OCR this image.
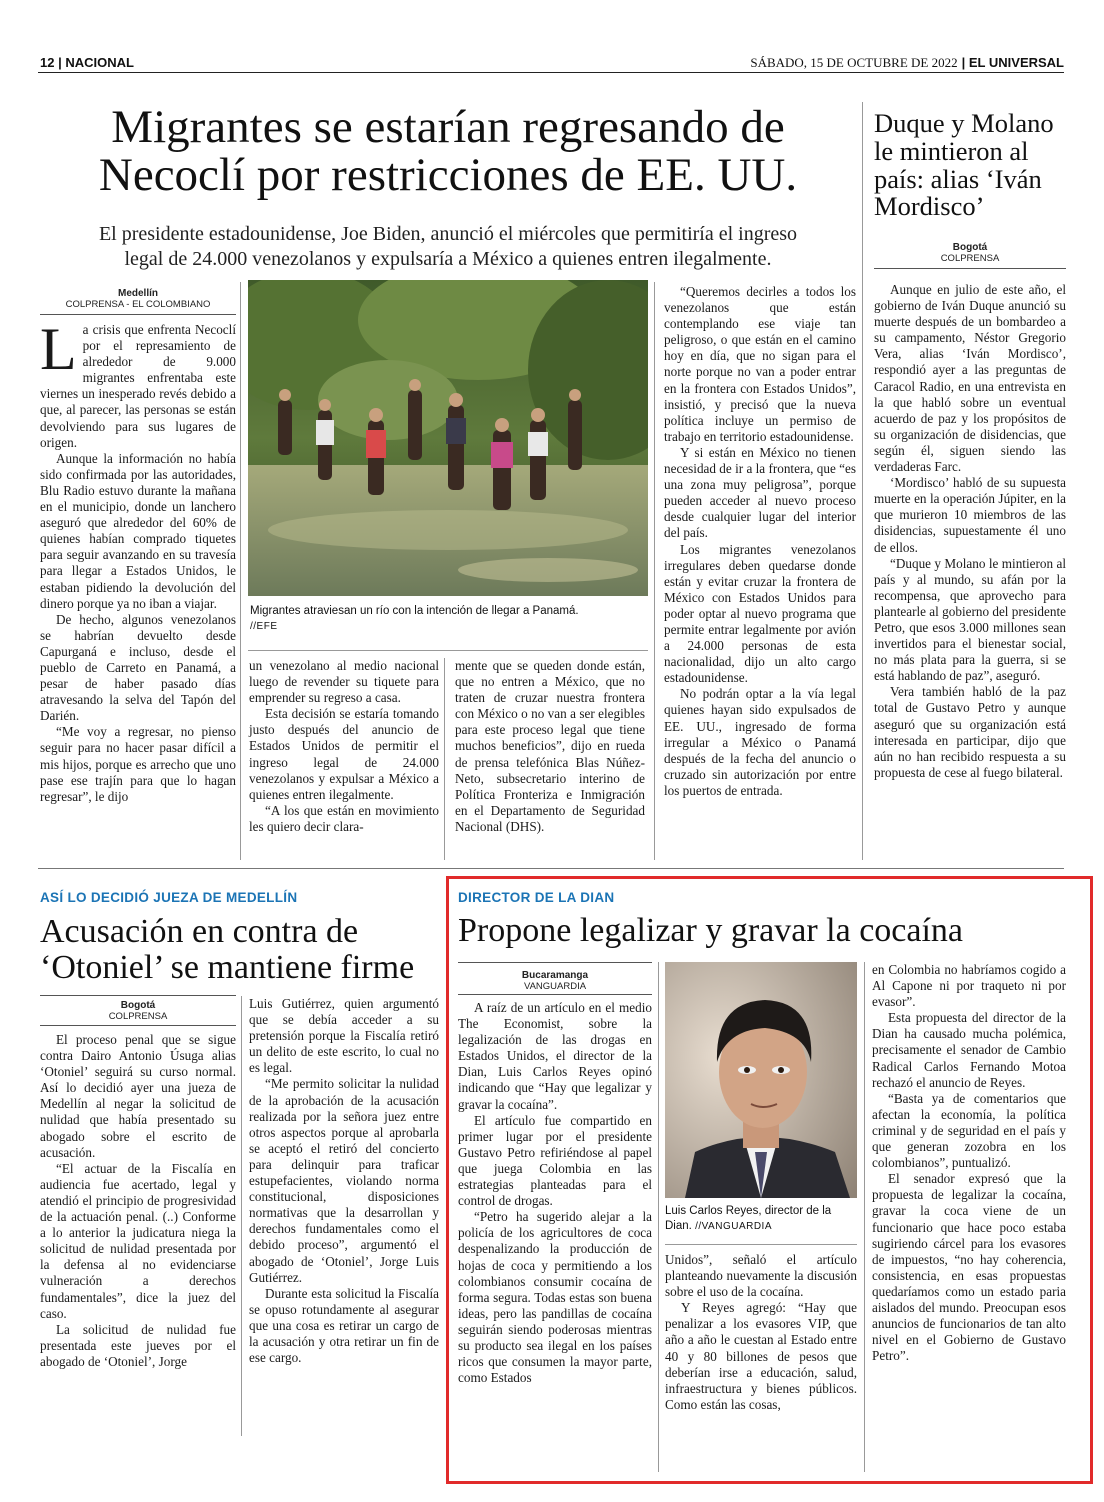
12 | NACIONAL	SÁBADO, 15 DE OCTUBRE DE 2022 | EL UNIVERSAL
Migrantes se estarían regresando de Necoclí por restricciones de EE. UU.
El presidente estadounidense, Joe Biden, anunció el miércoles que permitiría el ingreso legal de 24.000 venezolanos y expulsaría a México a quienes entren ilegalmente.
Duque y Molano le mintieron al país: alias ‘Iván Mordisco’
Bogotá
COLPRENSA

Aunque en julio de este año, el gobierno de Iván Duque anunció su muerte después de un bombardeo a su campamento, Néstor Gregorio Vera, alias ‘Iván Mordisco’, respondió ayer a las preguntas de Caracol Radio, en una entrevista en la que habló sobre un eventual acuerdo de paz y los propósitos de su organización de disidencias, que según él, siguen siendo las verdaderas Farc.

‘Mordisco’ habló de su supuesta muerte en la operación Júpiter, en la que murieron 10 miembros de las disidencias, supuestamente él uno de ellos.

“Duque y Molano le mintieron al país y al mundo, su afán por la recompensa, que aprovecho para plantearle al gobierno del presidente Petro, que esos 3.000 millones sean invertidos para el bienestar social, no más plata para la guerra, si se está hablando de paz”, aseguró.

Vera también habló de la paz total de Gustavo Petro y aunque aseguró que su organización está interesada en participar, dijo que aún no han recibido respuesta a su propuesta de cese al fuego bilateral.

Medellín
COLPRENSA - EL COLOMBIANO

La crisis que enfrenta Necoclí por el represamiento de alrededor de 9.000 migrantes enfrentaba este viernes un inesperado revés debido a que, al parecer, las personas se están devolviendo para sus lugares de origen.

Aunque la información no había sido confirmada por las autoridades, Blu Radio estuvo durante la mañana en el municipio, donde un lanchero aseguró que alrededor del 60% de quienes habían comprado tiquetes para seguir avanzando en su travesía para llegar a Estados Unidos, le estaban pidiendo la devolución del dinero porque ya no iban a viajar.

De hecho, algunos venezolanos se habrían devuelto desde Capurganá e incluso, desde el pueblo de Carreto en Panamá, a pesar de haber pasado días atravesando la selva del Tapón del Darién.

“Me voy a regresar, no pienso seguir para no hacer pasar difícil a mis hijos, porque es arrecho que uno pase ese trajín para que lo hagan regresar”, le dijo

Migrantes atraviesan un río con la intención de llegar a Panamá.
//EFE

un venezolano al medio nacional luego de revender su tiquete para emprender su regreso a casa.

Esta decisión se estaría tomando justo después del anuncio de Estados Unidos de permitir el ingreso legal de 24.000 venezolanos y expulsar a México a quienes entren ilegalmente.

“A los que están en movimiento les quiero decir clara-

mente que se queden donde están, que no entren a México, que no traten de cruzar nuestra frontera con México o no van a ser elegibles para este proceso legal que tiene muchos beneficios”, dijo en rueda de prensa telefónica Blas Núñez-Neto, subsecretario interino de Política Fronteriza e Inmigración en el Departamento de Seguridad Nacional (DHS).

“Queremos decirles a todos los venezolanos que están contemplando ese viaje tan peligroso, o que están en el camino hoy en día, que no sigan para el norte porque no van a poder entrar en la frontera con Estados Unidos”, insistió, y precisó que la nueva política incluye un permiso de trabajo en territorio estadounidense.

Y si están en México no tienen necesidad de ir a la frontera, que “es una zona muy peligrosa”, porque pueden acceder al nuevo proceso desde cualquier lugar del interior del país.

Los migrantes venezolanos irregulares deben quedarse donde están y evitar cruzar la frontera de México con Estados Unidos para poder optar al nuevo programa que permite entrar legalmente por avión a 24.000 personas de esta nacionalidad, dijo un alto cargo estadounidense.

No podrán optar a la vía legal quienes hayan sido expulsados de EE. UU., ingresado de forma irregular a México o Panamá después de la fecha del anuncio o cruzado sin autorización por entre los puertos de entrada.

ASÍ LO DECIDIÓ JUEZA DE MEDELLÍN
Acusación en contra de ‘Otoniel’ se mantiene firme
Bogotá
COLPRENSA

El proceso penal que se sigue contra Dairo Antonio Úsuga alias ‘Otoniel’ seguirá su curso normal. Así lo decidió ayer una jueza de Medellín al negar la solicitud de nulidad que había presentado su abogado sobre el escrito de acusación.

“El actuar de la Fiscalía en audiencia fue acertado, legal y atendió el principio de progresividad de la actuación penal. (..) Conforme a lo anterior la judicatura niega la solicitud de nulidad presentada por la defensa al no evidenciarse vulneración a derechos fundamentales”, dice la juez del caso.

La solicitud de nulidad fue presentada este jueves por el abogado de ‘Otoniel’, Jorge

Luis Gutiérrez, quien argumentó que se debía acceder a su pretensión porque la Fiscalía retiró un delito de este escrito, lo cual no es legal.

“Me permito solicitar la nulidad de la aprobación de la acusación realizada por la señora juez entre otros aspectos porque al aprobarla se aceptó el retiró del concierto para delinquir para traficar estupefacientes, violando norma constitucional, disposiciones normativas que la desarrollan y derechos fundamentales como el debido proceso”, argumentó el abogado de ‘Otoniel’, Jorge Luis Gutiérrez.

Durante esta solicitud la Fiscalía se opuso rotundamente al asegurar que una cosa es retirar un cargo de la acusación y otra retirar un fin de ese cargo.

DIRECTOR DE LA DIAN
Propone legalizar y gravar la cocaína
Bucaramanga
VANGUARDIA

A raíz de un artículo en el medio The Economist, sobre la legalización de las drogas en Estados Unidos, el director de la Dian, Luis Carlos Reyes opinó indicando que “Hay que legalizar y gravar la cocaína”.

El artículo fue compartido en primer lugar por el presidente Gustavo Petro refiriéndose al papel que juega Colombia en las estrategias planteadas para el control de drogas.

“Petro ha sugerido alejar a la policía de los agricultores de coca despenalizando la producción de hojas de coca y permitiendo a los colombianos consumir cocaína de forma segura. Todas estas son buena ideas, pero las pandillas de cocaína seguirán siendo poderosas mientras su producto sea ilegal en los países ricos que consumen la mayor parte, como Estados

Luis Carlos Reyes, director de la Dian. //VANGUARDIA

Unidos”, señaló el artículo planteando nuevamente la discusión sobre el uso de la cocaína.

Y Reyes agregó: “Hay que penalizar a los evasores VIP, que año a año le cuestan al Estado entre 40 y 80 billones de pesos que deberían irse a educación, salud, infraestructura y bienes públicos. Como están las cosas,

en Colombia no habríamos cogido a Al Capone ni por traqueto ni por evasor”.

Esta propuesta del director de la Dian ha causado mucha polémica, precisamente el senador de Cambio Radical Carlos Fernando Motoa rechazó el anuncio de Reyes.

“Basta ya de comentarios que afectan la economía, la política criminal y de seguridad en el país y que generan zozobra en los colombianos”, puntualizó.

El senador expresó que la propuesta de legalizar la cocaína, gravar la coca viene de un funcionario que hace poco estaba sugiriendo cárcel para los evasores de impuestos, “no hay coherencia, consistencia, en esas propuestas quedaríamos como un estado paria aislados del mundo. Preocupan esos anuncios de funcionarios de tan alto nivel en el Gobierno de Gustavo Petro”.
